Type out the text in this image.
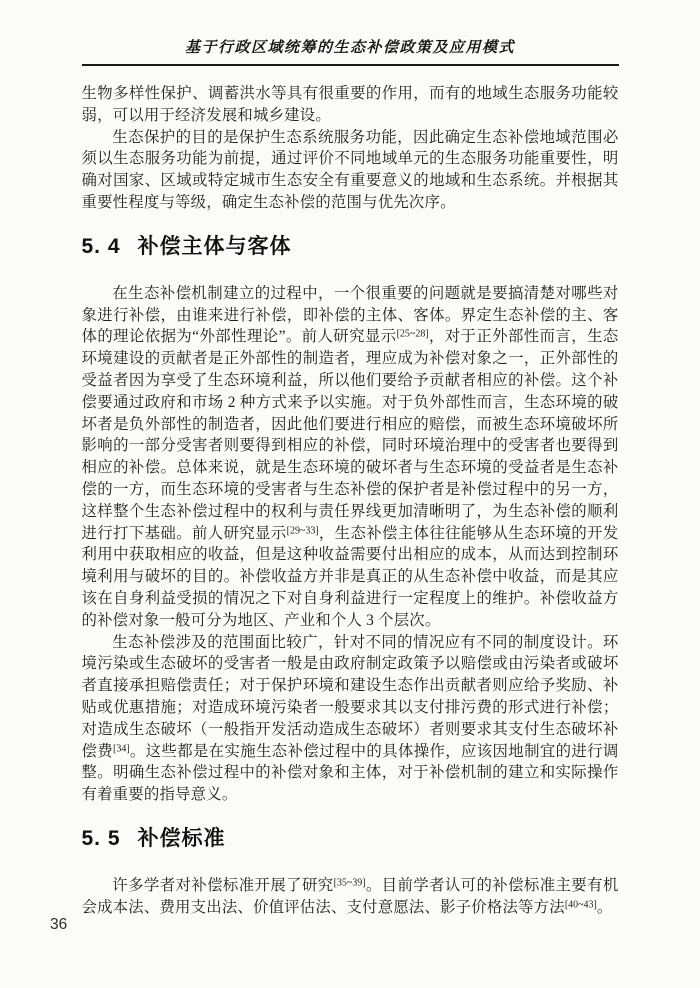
基于行政区域统筹的生态补偿政策及应用模式

生物多样性保护、调蓄洪水等具有很重要的作用，而有的地域生态服务功能较弱，可以用于经济发展和城乡建设。

生态保护的目的是保护生态系统服务功能，因此确定生态补偿地域范围必须以生态服务功能为前提，通过评价不同地域单元的生态服务功能重要性，明确对国家、区域或特定城市生态安全有重要意义的地域和生态系统。并根据其重要性程度与等级，确定生态补偿的范围与优先次序。

5. 4 补偿主体与客体

在生态补偿机制建立的过程中，一个很重要的问题就是要搞清楚对哪些对象进行补偿，由谁来进行补偿，即补偿的主体、客体。界定生态补偿的主、客体的理论依据为“外部性理论”。前人研究显示[25~28]，对于正外部性而言，生态环境建设的贡献者是正外部性的制造者，理应成为补偿对象之一，正外部性的受益者因为享受了生态环境利益，所以他们要给予贡献者相应的补偿。这个补偿要通过政府和市场 2 种方式来予以实施。对于负外部性而言，生态环境的破坏者是负外部性的制造者，因此他们要进行相应的赔偿，而被生态环境破坏所影响的一部分受害者则要得到相应的补偿，同时环境治理中的受害者也要得到相应的补偿。总体来说，就是生态环境的破坏者与生态环境的受益者是生态补偿的一方，而生态环境的受害者与生态补偿的保护者是补偿过程中的另一方，这样整个生态补偿过程中的权利与责任界线更加清晰明了，为生态补偿的顺利进行打下基础。前人研究显示[29~33]，生态补偿主体往往能够从生态环境的开发利用中获取相应的收益，但是这种收益需要付出相应的成本，从而达到控制环境利用与破坏的目的。补偿收益方并非是真正的从生态补偿中收益，而是其应该在自身利益受损的情况之下对自身利益进行一定程度上的维护。补偿收益方的补偿对象一般可分为地区、产业和个人 3 个层次。

生态补偿涉及的范围面比较广，针对不同的情况应有不同的制度设计。环境污染或生态破坏的受害者一般是由政府制定政策予以赔偿或由污染者或破坏者直接承担赔偿责任；对于保护环境和建设生态作出贡献者则应给予奖励、补贴或优惠措施；对造成环境污染者一般要求其以支付排污费的形式进行补偿；对造成生态破坏（一般指开发活动造成生态破坏）者则要求其支付生态破坏补偿费[34]。这些都是在实施生态补偿过程中的具体操作，应该因地制宜的进行调整。明确生态补偿过程中的补偿对象和主体，对于补偿机制的建立和实际操作有着重要的指导意义。

5. 5 补偿标准

许多学者对补偿标准开展了研究[35~39]。目前学者认可的补偿标准主要有机会成本法、费用支出法、价值评估法、支付意愿法、影子价格法等方法[40~43]。

36
